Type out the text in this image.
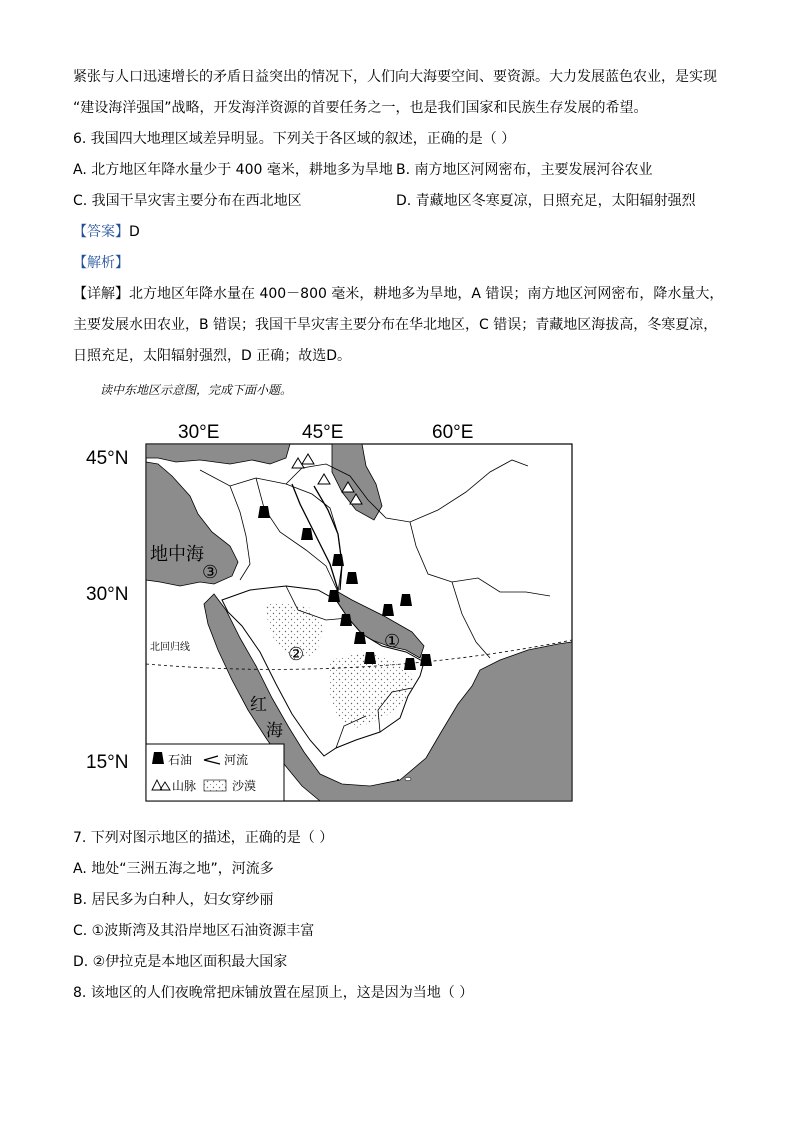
紧张与人口迅速增长的矛盾日益突出的情况下，人们向大海要空间、要资源。大力发展蓝色农业，是实现
“建设海洋强国”战略，开发海洋资源的首要任务之一，也是我们国家和民族生存发展的希望。
6. 我国四大地理区域差异明显。下列关于各区域的叙述，正确的是（ ）
A. 北方地区年降水量少于 400 毫米，耕地多为旱地 B. 南方地区河网密布，主要发展河谷农业
C. 我国干旱灾害主要分布在西北地区	D. 青藏地区冬寒夏凉，日照充足，太阳辐射强烈
【答案】D
【解析】
【详解】北方地区年降水量在 400－800 毫米，耕地多为旱地，A 错误；南方地区河网密布，降水量大，
主要发展水田农业，B 错误；我国干旱灾害主要分布在华北地区，C 错误；青藏地区海拔高，冬寒夏凉，
日照充足，太阳辐射强烈，D 正确；故选D。
读中东地区示意图，完成下面小题。
30°E	45°E	60°E
45°N
30°N
15°N
北回归线
地中海
③
②
①
红
海
石油	河流
山脉	沙漠
7. 下列对图示地区的描述，正确的是（ ）
A. 地处“三洲五海之地”，河流多
B. 居民多为白种人，妇女穿纱丽
C. ①波斯湾及其沿岸地区石油资源丰富
D. ②伊拉克是本地区面积最大国家
8. 该地区的人们夜晚常把床铺放置在屋顶上，这是因为当地（ ）
